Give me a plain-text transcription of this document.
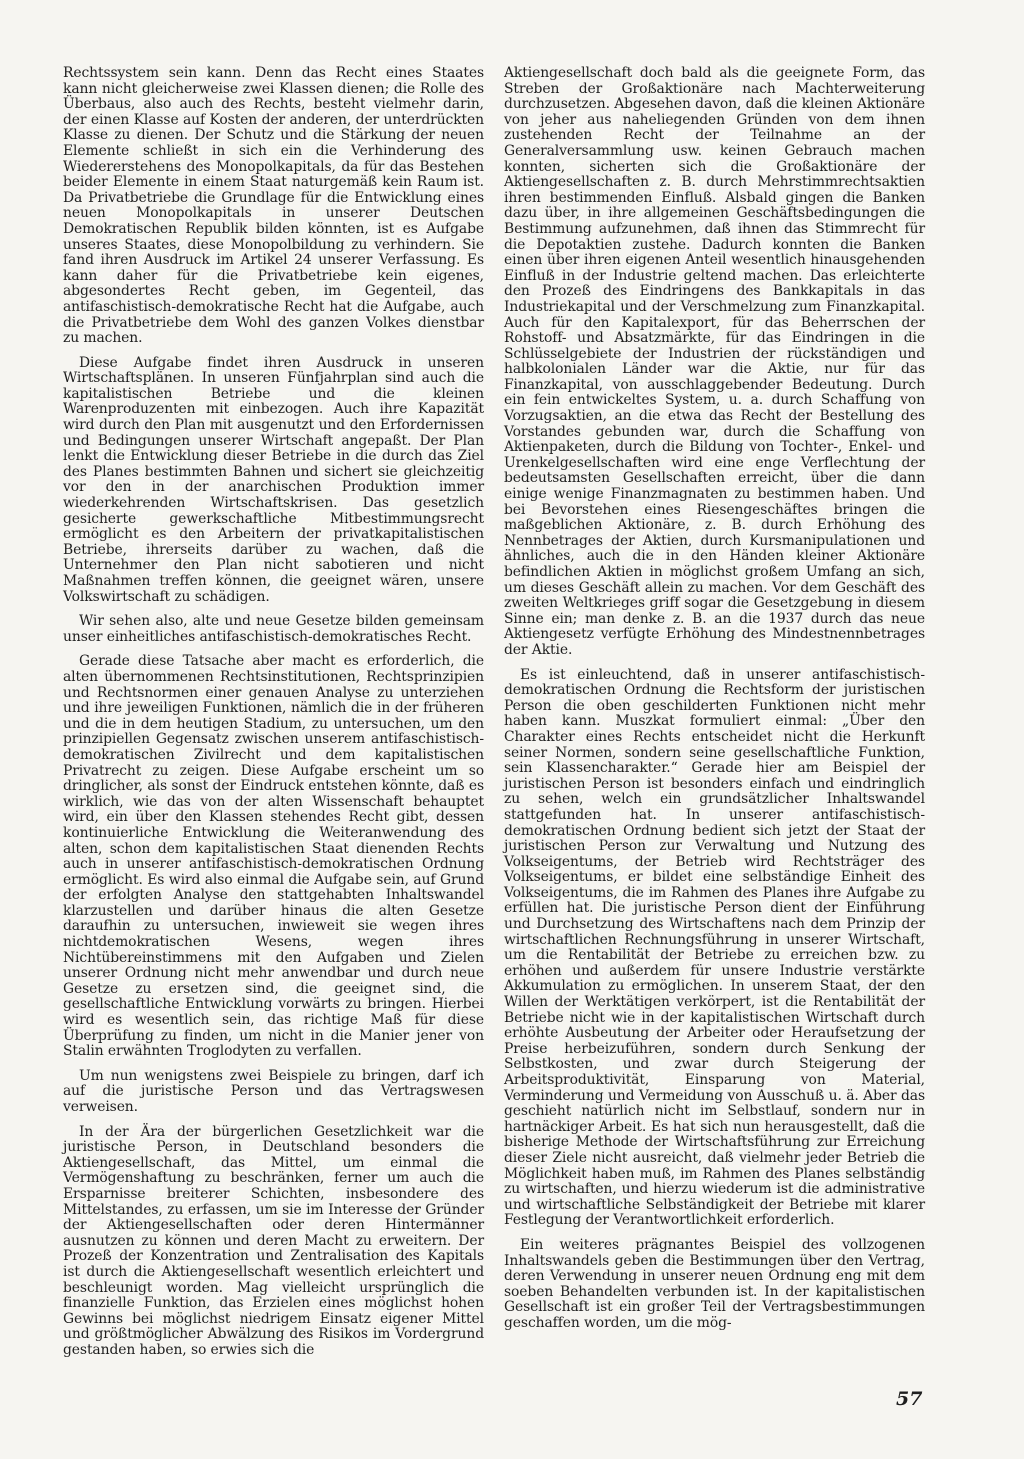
Rechtssystem sein kann. Denn das Recht eines Staates kann nicht gleicherweise zwei Klassen dienen; die Rolle des Überbaus, also auch des Rechts, besteht vielmehr darin, der einen Klasse auf Kosten der anderen, der unterdrückten Klasse zu dienen. Der Schutz und die Stärkung der neuen Elemente schließt in sich ein die Verhinderung des Wiedererstehens des Monopolkapitals, da für das Bestehen beider Elemente in einem Staat naturgemäß kein Raum ist. Da Privatbetriebe die Grundlage für die Entwicklung eines neuen Monopolkapitals in unserer Deutschen Demokratischen Republik bilden könnten, ist es Aufgabe unseres Staates, diese Monopolbildung zu verhindern. Sie fand ihren Ausdruck im Artikel 24 unserer Verfassung. Es kann daher für die Privatbetriebe kein eigenes, abgesondertes Recht geben, im Gegenteil, das antifaschistisch-demokratische Recht hat die Aufgabe, auch die Privatbetriebe dem Wohl des ganzen Volkes dienstbar zu machen.

Diese Aufgabe findet ihren Ausdruck in unseren Wirtschaftsplänen. In unseren Fünfjahrplan sind auch die kapitalistischen Betriebe und die kleinen Warenproduzenten mit einbezogen. Auch ihre Kapazität wird durch den Plan mit ausgenutzt und den Erfordernissen und Bedingungen unserer Wirtschaft angepaßt. Der Plan lenkt die Entwicklung dieser Betriebe in die durch das Ziel des Planes bestimmten Bahnen und sichert sie gleichzeitig vor den in der anarchischen Produktion immer wiederkehrenden Wirtschaftskrisen. Das gesetzlich gesicherte gewerkschaftliche Mitbestimmungsrecht ermöglicht es den Arbeitern der privatkapitalistischen Betriebe, ihrerseits darüber zu wachen, daß die Unternehmer den Plan nicht sabotieren und nicht Maßnahmen treffen können, die geeignet wären, unsere Volkswirtschaft zu schädigen.

Wir sehen also, alte und neue Gesetze bilden gemeinsam unser einheitliches antifaschistisch-demokratisches Recht.

Gerade diese Tatsache aber macht es erforderlich, die alten übernommenen Rechtsinstitutionen, Rechtsprinzipien und Rechtsnormen einer genauen Analyse zu unterziehen und ihre jeweiligen Funktionen, nämlich die in der früheren und die in dem heutigen Stadium, zu untersuchen, um den prinzipiellen Gegensatz zwischen unserem antifaschistisch-demokratischen Zivilrecht und dem kapitalistischen Privatrecht zu zeigen. Diese Aufgabe erscheint um so dringlicher, als sonst der Eindruck entstehen könnte, daß es wirklich, wie das von der alten Wissenschaft behauptet wird, ein über den Klassen stehendes Recht gibt, dessen kontinuierliche Entwicklung die Weiteranwendung des alten, schon dem kapitalistischen Staat dienenden Rechts auch in unserer antifaschistisch-demokratischen Ordnung ermöglicht. Es wird also einmal die Aufgabe sein, auf Grund der erfolgten Analyse den stattgehabten Inhaltswandel klarzustellen und darüber hinaus die alten Gesetze daraufhin zu untersuchen, inwieweit sie wegen ihres nichtdemokratischen Wesens, wegen ihres Nichtübereinstimmens mit den Aufgaben und Zielen unserer Ordnung nicht mehr anwendbar und durch neue Gesetze zu ersetzen sind, die geeignet sind, die gesellschaftliche Entwicklung vorwärts zu bringen. Hierbei wird es wesentlich sein, das richtige Maß für diese Überprüfung zu finden, um nicht in die Manier jener von Stalin erwähnten Troglodyten zu verfallen.

Um nun wenigstens zwei Beispiele zu bringen, darf ich auf die juristische Person und das Vertragswesen verweisen.

In der Ära der bürgerlichen Gesetzlichkeit war die juristische Person, in Deutschland besonders die Aktiengesellschaft, das Mittel, um einmal die Vermögenshaftung zu beschränken, ferner um auch die Ersparnisse breiterer Schichten, insbesondere des Mittelstandes, zu erfassen, um sie im Interesse der Gründer der Aktiengesellschaften oder deren Hintermänner ausnutzen zu können und deren Macht zu erweitern. Der Prozeß der Konzentration und Zentralisation des Kapitals ist durch die Aktiengesellschaft wesentlich erleichtert und beschleunigt worden. Mag vielleicht ursprünglich die finanzielle Funktion, das Erzielen eines möglichst hohen Gewinns bei möglichst niedrigem Einsatz eigener Mittel und größtmöglicher Abwälzung des Risikos im Vordergrund gestanden haben, so erwies sich die

Aktiengesellschaft doch bald als die geeignete Form, das Streben der Großaktionäre nach Machterweiterung durchzusetzen. Abgesehen davon, daß die kleinen Aktionäre von jeher aus naheliegenden Gründen von dem ihnen zustehenden Recht der Teilnahme an der Generalversammlung usw. keinen Gebrauch machen konnten, sicherten sich die Großaktionäre der Aktiengesellschaften z. B. durch Mehrstimmrechtsaktien ihren bestimmenden Einfluß. Alsbald gingen die Banken dazu über, in ihre allgemeinen Geschäftsbedingungen die Bestimmung aufzunehmen, daß ihnen das Stimmrecht für die Depotaktien zustehe. Dadurch konnten die Banken einen über ihren eigenen Anteil wesentlich hinausgehenden Einfluß in der Industrie geltend machen. Das erleichterte den Prozeß des Eindringens des Bankkapitals in das Industriekapital und der Verschmelzung zum Finanzkapital. Auch für den Kapitalexport, für das Beherrschen der Rohstoff- und Absatzmärkte, für das Eindringen in die Schlüsselgebiete der Industrien der rückständigen und halbkolonialen Länder war die Aktie, nur für das Finanzkapital, von ausschlaggebender Bedeutung. Durch ein fein entwickeltes System, u. a. durch Schaffung von Vorzugsaktien, an die etwa das Recht der Bestellung des Vorstandes gebunden war, durch die Schaffung von Aktienpaketen, durch die Bildung von Tochter-, Enkel- und Urenkelgesellschaften wird eine enge Verflechtung der bedeutsamsten Gesellschaften erreicht, über die dann einige wenige Finanzmagnaten zu bestimmen haben. Und bei Bevorstehen eines Riesengeschäftes bringen die maßgeblichen Aktionäre, z. B. durch Erhöhung des Nennbetrages der Aktien, durch Kursmanipulationen und ähnliches, auch die in den Händen kleiner Aktionäre befindlichen Aktien in möglichst großem Umfang an sich, um dieses Geschäft allein zu machen. Vor dem Geschäft des zweiten Weltkrieges griff sogar die Gesetzgebung in diesem Sinne ein; man denke z. B. an die 1937 durch das neue Aktiengesetz verfügte Erhöhung des Mindestnennbetrages der Aktie.

Es ist einleuchtend, daß in unserer antifaschistisch-demokratischen Ordnung die Rechtsform der juristischen Person die oben geschilderten Funktionen nicht mehr haben kann. Muszkat formuliert einmal: „Über den Charakter eines Rechts entscheidet nicht die Herkunft seiner Normen, sondern seine gesellschaftliche Funktion, sein Klassencharakter.“ Gerade hier am Beispiel der juristischen Person ist besonders einfach und eindringlich zu sehen, welch ein grundsätzlicher Inhaltswandel stattgefunden hat. In unserer antifaschistisch-demokratischen Ordnung bedient sich jetzt der Staat der juristischen Person zur Verwaltung und Nutzung des Volkseigentums, der Betrieb wird Rechtsträger des Volkseigentums, er bildet eine selbständige Einheit des Volkseigentums, die im Rahmen des Planes ihre Aufgabe zu erfüllen hat. Die juristische Person dient der Einführung und Durchsetzung des Wirtschaftens nach dem Prinzip der wirtschaftlichen Rechnungsführung in unserer Wirtschaft, um die Rentabilität der Betriebe zu erreichen bzw. zu erhöhen und außerdem für unsere Industrie verstärkte Akkumulation zu ermöglichen. In unserem Staat, der den Willen der Werktätigen verkörpert, ist die Rentabilität der Betriebe nicht wie in der kapitalistischen Wirtschaft durch erhöhte Ausbeutung der Arbeiter oder Heraufsetzung der Preise herbeizuführen, sondern durch Senkung der Selbstkosten, und zwar durch Steigerung der Arbeitsproduktivität, Einsparung von Material, Verminderung und Vermeidung von Ausschuß u. ä. Aber das geschieht natürlich nicht im Selbstlauf, sondern nur in hartnäckiger Arbeit. Es hat sich nun herausgestellt, daß die bisherige Methode der Wirtschaftsführung zur Erreichung dieser Ziele nicht ausreicht, daß vielmehr jeder Betrieb die Möglichkeit haben muß, im Rahmen des Planes selbständig zu wirtschaften, und hierzu wiederum ist die administrative und wirtschaftliche Selbständigkeit der Betriebe mit klarer Festlegung der Verantwortlichkeit erforderlich.

Ein weiteres prägnantes Beispiel des vollzogenen Inhaltswandels geben die Bestimmungen über den Vertrag, deren Verwendung in unserer neuen Ordnung eng mit dem soeben Behandelten verbunden ist. In der kapitalistischen Gesellschaft ist ein großer Teil der Vertragsbestimmungen geschaffen worden, um die mög-

57
